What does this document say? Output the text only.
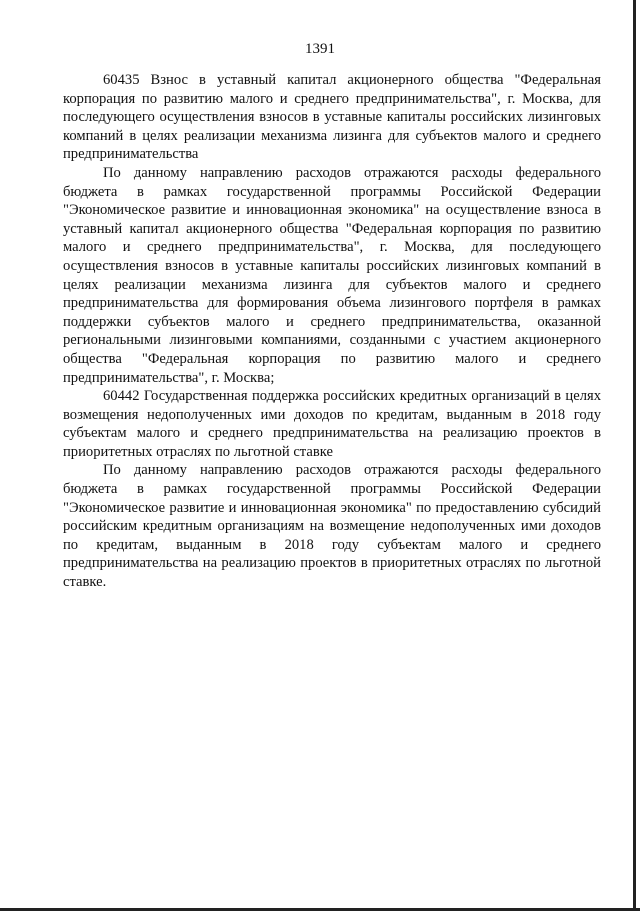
1391

60435 Взнос в уставный капитал акционерного общества "Федеральная корпорация по развитию малого и среднего предпринимательства", г. Москва, для последующего осуществления взносов в уставные капиталы российских лизинговых компаний в целях реализации механизма лизинга для субъектов малого и среднего предпринимательства

По данному направлению расходов отражаются расходы федерального бюджета в рамках государственной программы Российской Федерации "Экономическое развитие и инновационная экономика" на осуществление взноса в уставный капитал акционерного общества "Федеральная корпорация по развитию малого и среднего предпринимательства", г. Москва, для последующего осуществления взносов в уставные капиталы российских лизинговых компаний в целях реализации механизма лизинга для субъектов малого и среднего предпринимательства для формирования объема лизингового портфеля в рамках поддержки субъектов малого и среднего предпринимательства, оказанной региональными лизинговыми компаниями, созданными с участием акционерного общества "Федеральная корпорация по развитию малого и среднего предпринимательства", г. Москва;

60442 Государственная поддержка российских кредитных организаций в целях возмещения недополученных ими доходов по кредитам, выданным в 2018 году субъектам малого и среднего предпринимательства на реализацию проектов в приоритетных отраслях по льготной ставке

По данному направлению расходов отражаются расходы федерального бюджета в рамках государственной программы Российской Федерации "Экономическое развитие и инновационная экономика" по предоставлению субсидий российским кредитным организациям на возмещение недополученных ими доходов по кредитам, выданным в 2018 году субъектам малого и среднего предпринимательства на реализацию проектов в приоритетных отраслях по льготной ставке.
